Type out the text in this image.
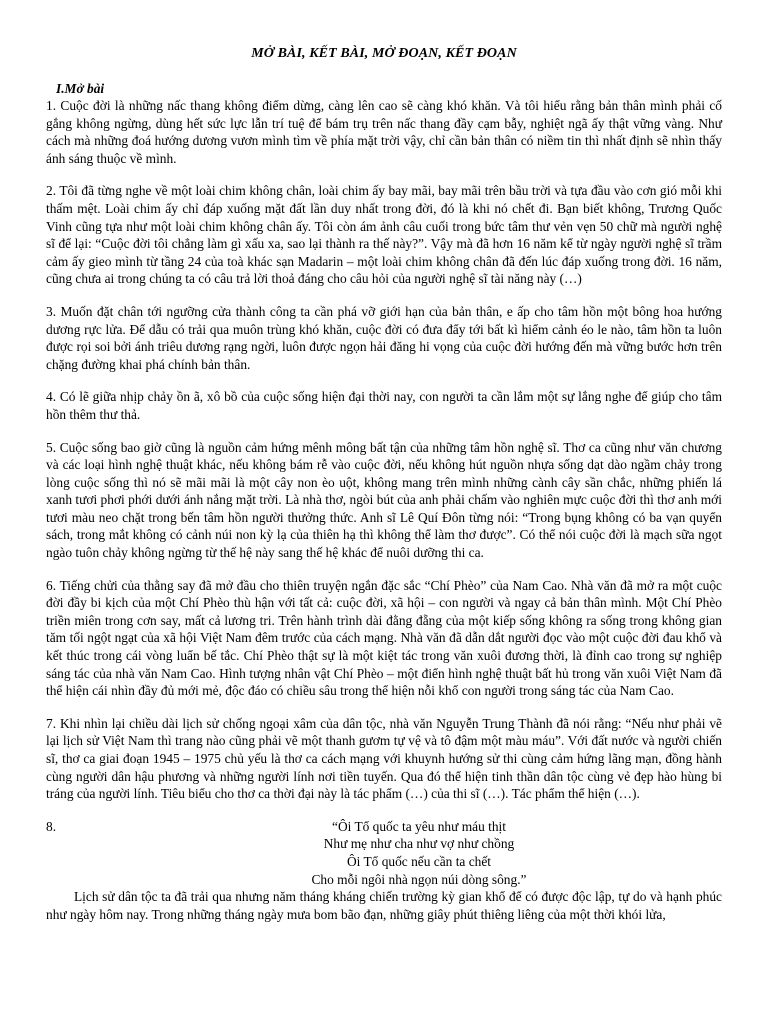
MỞ BÀI, KẾT BÀI, MỞ ĐOẠN, KẾT ĐOẠN
I.Mở bài

1. Cuộc đời là những nấc thang không điểm dừng, càng lên cao sẽ càng khó khăn. Và tôi hiểu rằng bản thân mình phải cố gắng không ngừng, dùng hết sức lực lẫn trí tuệ để bám trụ trên nấc thang đầy cạm bẫy, nghiệt ngã ấy thật vững vàng. Như cách mà những đoá hướng dương vươn mình tìm về phía mặt trời vậy, chỉ cần bản thân có niềm tin thì nhất định sẽ nhìn thấy ánh sáng thuộc về mình.

2. Tôi đã từng nghe về một loài chim không chân, loài chim ấy bay mãi, bay mãi trên bầu trời và tựa đầu vào cơn gió mỗi khi thấm mệt. Loài chim ấy chỉ đáp xuống mặt đất lần duy nhất trong đời, đó là khi nó chết đi. Bạn biết không, Trương Quốc Vinh cũng tựa như một loài chim không chân ấy. Tôi còn ám ảnh câu cuối trong bức tâm thư vẻn vẹn 50 chữ mà người nghệ sĩ để lại: “Cuộc đời tôi chẳng làm gì xấu xa, sao lại thành ra thế này?”. Vậy mà đã hơn 16 năm kể từ ngày người nghệ sĩ trầm cảm ấy gieo mình từ tầng 24 của toà khác sạn Madarin – một loài chim không chân đã đến lúc đáp xuống trong đời. 16 năm, cũng chưa ai trong chúng ta có câu trả lời thoả đáng cho câu hỏi của người nghệ sĩ tài năng này (…)

3. Muốn đặt chân tới ngưỡng cửa thành công ta cần phá vỡ giới hạn của bản thân, e ấp cho tâm hồn một bông hoa hướng dương rực lửa. Để dẫu có trải qua muôn trùng khó khăn, cuộc đời có đưa đẩy tới bất kì hiểm cảnh éo le nào, tâm hồn ta luôn được rọi soi bởi ánh triêu dương rạng ngời, luôn được ngọn hải đăng hi vọng của cuộc đời hướng đến mà vững bước hơn trên chặng đường khai phá chính bản thân.

4. Có lẽ giữa nhịp chảy ồn ã, xô bồ của cuộc sống hiện đại thời nay, con người ta cần lắm một sự lắng nghe để giúp cho tâm hồn thêm thư thả.

5. Cuộc sống bao giờ cũng là nguồn cảm hứng mênh mông bất tận của những tâm hồn nghệ sĩ. Thơ ca cũng như văn chương và các loại hình nghệ thuật khác, nếu không bám rễ vào cuộc đời, nếu không hút nguồn nhựa sống dạt dào ngầm chảy trong lòng cuộc sống thì nó sẽ mãi mãi là một cây non èo uột, không mang trên mình những cành cây sần chắc, những phiến lá xanh tươi phơi phới dưới ánh nắng mặt trời. Là nhà thơ, ngòi bút của anh phải chấm vào nghiên mực cuộc đời thì thơ anh mới tươi màu neo chặt trong bến tâm hồn người thưởng thức. Anh sĩ Lê Quí Đôn từng nói: “Trong bụng không có ba vạn quyển sách, trong mắt không có cảnh núi non kỳ lạ của thiên hạ thì không thể làm thơ được”. Có thể nói cuộc đời là mạch sữa ngọt ngào tuôn chảy không ngừng từ thế hệ này sang thế hệ khác để nuôi dưỡng thi ca.

6. Tiếng chửi của thằng say đã mở đầu cho thiên truyện ngắn đặc sắc “Chí Phèo” của Nam Cao. Nhà văn đã mở ra một cuộc đời đầy bi kịch của một Chí Phèo thù hận với tất cả: cuộc đời, xã hội – con người và ngay cả bản thân mình. Một Chí Phèo triền miên trong cơn say, mất cả lương tri. Trên hành trình dài đằng đẵng của một kiếp sống không ra sống trong không gian tăm tối ngột ngạt của xã hội Việt Nam đêm trước của cách mạng. Nhà văn đã dẫn dắt người đọc vào một cuộc đời đau khổ và kết thúc trong cái vòng luẩn bế tắc. Chí Phèo thật sự là một kiệt tác trong văn xuôi đương thời, là đỉnh cao trong sự nghiệp sáng tác của nhà văn Nam Cao. Hình tượng nhân vật Chí Phèo – một điển hình nghệ thuật bất hủ trong văn xuôi Việt Nam đã thể hiện cái nhìn đầy đủ mới mẻ, độc đáo có chiều sâu trong thể hiện nỗi khổ con người trong sáng tác của Nam Cao.

7. Khi nhìn lại chiều dài lịch sử chống ngoại xâm của dân tộc, nhà văn Nguyễn Trung Thành đã nói rằng: “Nếu như phải vẽ lại lịch sử Việt Nam thì trang nào cũng phải vẽ một thanh gươm tự vệ và tô đậm một màu máu”. Với đất nước và người chiến sĩ, thơ ca giai đoạn 1945 – 1975 chủ yếu là thơ ca cách mạng với khuynh hướng sử thi cùng cảm hứng lãng mạn, đồng hành cùng người dân hậu phương và những người lính nơi tiền tuyến. Qua đó thể hiện tinh thần dân tộc cùng vẻ đẹp hào hùng bi tráng của người lính. Tiêu biểu cho thơ ca thời đại này là tác phẩm (…) của thi sĩ (…). Tác phẩm thể hiện (…).

8.	“Ôi Tổ quốc ta yêu như máu thịt
Như mẹ như cha như vợ như chồng
Ôi Tổ quốc nếu cần ta chết
Cho mỗi ngôi nhà ngọn núi dòng sông.”

Lịch sử dân tộc ta đã trải qua nhưng năm tháng kháng chiến trường kỳ gian khổ để có được độc lập, tự do và hạnh phúc như ngày hôm nay. Trong những tháng ngày mưa bom bão đạn, những giây phút thiêng liêng của một thời khói lửa,
